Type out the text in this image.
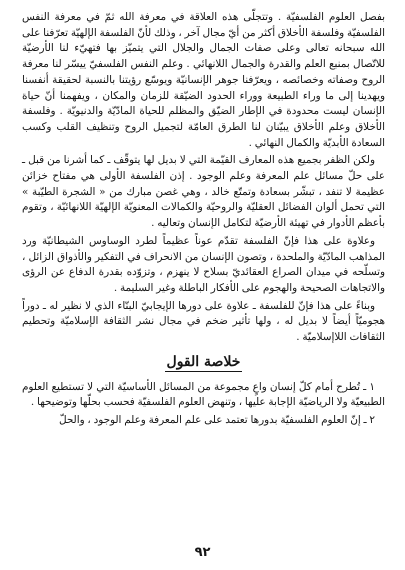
بفصل العلوم الفلسفيّة . وتتجلّى هذه العلاقة في معرفة الله ثمّ في معرفة النفس الفلسفيّة وفلسفة الأخلاق أكثر من أيّ مجال آخر ، وذلك لأنّ الفلسفة الإلهيّة تعرّفنا على الله سبحانه تعالى وعلى صفات الجمال والجلال التي يتميّز بها فتهيّء لنا الأرضيّة للاتّصال بمنبع العلم والقدرة والجمال اللانهائي . وعلم النفس الفلسفيّ ييسّر لنا معرفة الروح وصفاته وخصائصه ، ويعرّفنا جوهر الإنسانيّة ويوسّع رؤيتنا بالنسبة لحقيقة أنفسنا ويهدينا إلى ما وراء الطبيعة ووراء الحدود الضيّقة للزمان والمكان ، ويفهمنا أنّ حياة الإنسان ليست محدودة في الإطار الضيّق والمظلم للحياة المادّيّة والدنيويّة . وفلسفة الأخلاق وعلم الأخلاق يبيّنان لنا الطرق العامّة لتجميل الروح وتنظيف القلب وكسب السعادة الأبديّة والكمال النهائي .

ولكن الظفر بجميع هذه المعارف القيّمة التي لا بديل لها يتوقّف ـ كما أشرنا من قبل ـ على حلّ مسائل علم المعرفة وعلم الوجود . إذن الفلسفة الأولى هي مفتاح خزائن عظيمة لا تنفد ، تبشّر بسعادة وتمتّع خالد ، وهي غصن مبارك من « الشجرة الطيّبة » التي تحمل ألوان الفضائل العقليّة والروحيّة والكمالات المعنويّة الإلهيّة اللانهائيّة ، وتقوم بأعظم الأدوار في تهيئة الأرضيّة لتكامل الإنسان وتعاليه .

وعلاوة على هذا فإنّ الفلسفة تقدّم عوناً عظيماً لطرد الوساوس الشيطانيّة ورد المذاهب المادّيّة والملحدة ، وتصون الإنسان من الانحراف في التفكير والأذواق الزائل ، وتسلّحه في ميدان الصراع العقائديّ بسلاح لا ينهزم ، وتزوّده بقدرة الدفاع عن الرؤى والاتجاهات الصحيحة والهجوم على الأفكار الباطلة وغير السليمة .

وبناءً على هذا فإنّ للفلسفة ـ علاوة على دورها الإيجابيّ البنّاء الذي لا نظير له ـ دوراً هجوميّاً أيضاً لا بديل له ، ولها تأثير ضخم في مجال نشر الثقافة الإسلاميّة وتحطيم الثقافات اللاإسلاميّة .

خلاصة القول

١ ـ تُطرح أمام كلّ إنسان واعٍ مجموعة من المسائل الأساسيّة التي لا تستطيع العلوم الطبيعيّة ولا الرياضيّة الإجابة عليها ، وتنهض العلوم الفلسفيّة فحسب بحلّها وتوضيحها .

٢ ـ إنّ العلوم الفلسفيّة بدورها تعتمد على علم المعرفة وعلم الوجود ، والحلّ

٩٢
